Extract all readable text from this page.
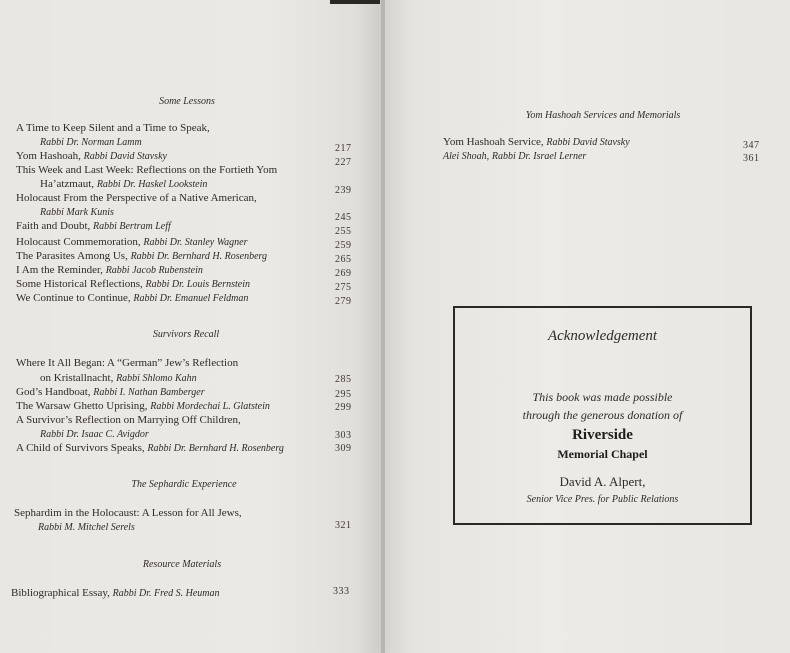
Some Lessons
A Time to Keep Silent and a Time to Speak,
Rabbi Dr. Norman Lamm
217
Yom Hashoah, Rabbi David Stavsky
227
This Week and Last Week: Reflections on the Fortieth Yom
Ha’atzmaut, Rabbi Dr. Haskel Lookstein
239
Holocaust From the Perspective of a Native American,
Rabbi Mark Kunis	245
Faith and Doubt, Rabbi Bertram Leff	255
Holocaust Commemoration, Rabbi Dr. Stanley Wagner	259
The Parasites Among Us, Rabbi Dr. Bernhard H. Rosenberg	265
I Am the Reminder, Rabbi Jacob Rubenstein	269
Some Historical Reflections, Rabbi Dr. Louis Bernstein	275
We Continue to Continue, Rabbi Dr. Emanuel Feldman	279
Survivors Recall
Where It All Began: A “German” Jew’s Reflection
on Kristallnacht, Rabbi Shlomo Kahn	285
God’s Handboat, Rabbi I. Nathan Bamberger	295
The Warsaw Ghetto Uprising, Rabbi Mordechai L. Glatstein	299
A Survivor’s Reflection on Marrying Off Children,
Rabbi Dr. Isaac C. Avigdor	303
A Child of Survivors Speaks, Rabbi Dr. Bernhard H. Rosenberg	309
The Sephardic Experience
Sephardim in the Holocaust: A Lesson for All Jews,
Rabbi M. Mitchel Serels	321
Resource Materials
Bibliographical Essay, Rabbi Dr. Fred S. Heuman	333
Yom Hashoah Services and Memorials
Yom Hashoah Service, Rabbi David Stavsky	347
Alei Shoah, Rabbi Dr. Israel Lerner	361
Acknowledgement
This book was made possible
through the generous donation of
Riverside
Memorial Chapel
David A. Alpert,
Senior Vice Pres. for Public Relations
